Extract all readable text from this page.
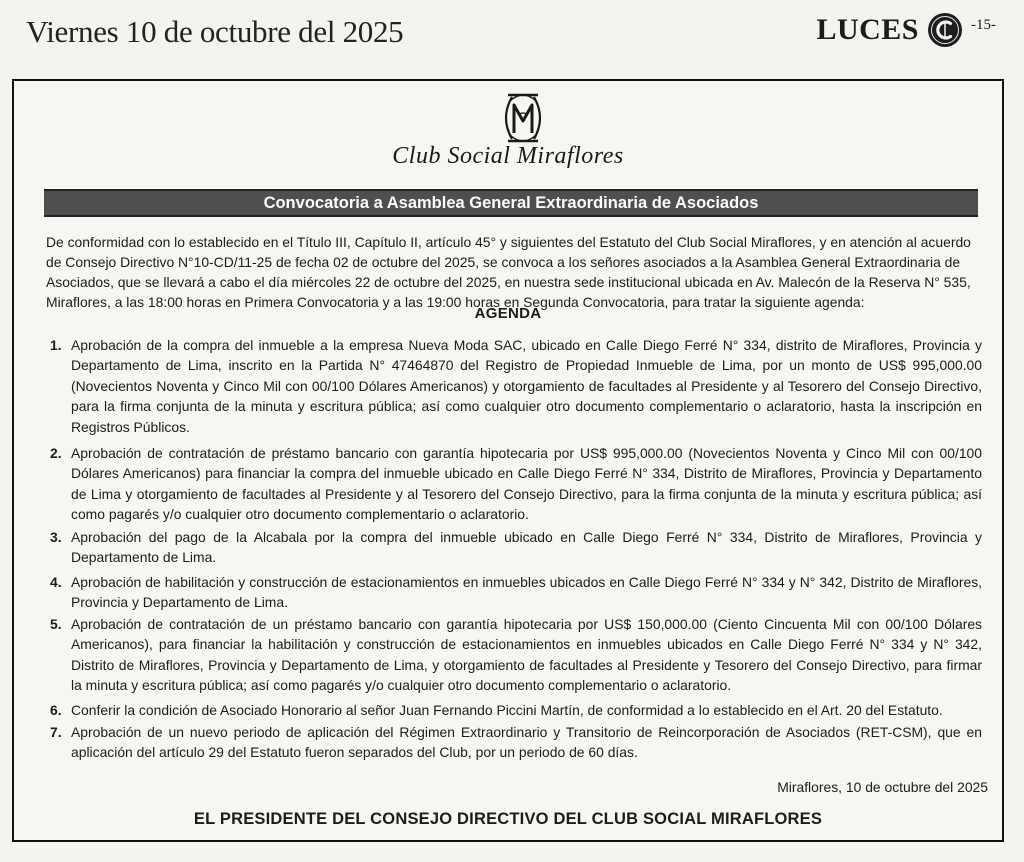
Viernes 10 de octubre del 2025	LUCES	-15-
Club Social Miraflores
Convocatoria a Asamblea General Extraordinaria de Asociados

De conformidad con lo establecido en el Título III, Capítulo II, artículo 45° y siguientes del Estatuto del Club Social Miraflores, y en atención al acuerdo de Consejo Directivo N°10-CD/11-25 de fecha 02 de octubre del 2025, se convoca a los señores asociados a la Asamblea General Extraordinaria de Asociados, que se llevará a cabo el día miércoles 22 de octubre del 2025, en nuestra sede institucional ubicada en Av. Malecón de la Reserva N° 535, Miraflores, a las 18:00 horas en Primera Convocatoria y a las 19:00 horas en Segunda Convocatoria, para tratar la siguiente agenda:

AGENDA
1. Aprobación de la compra del inmueble a la empresa Nueva Moda SAC, ubicado en Calle Diego Ferré N° 334, distrito de Miraflores, Provincia y Departamento de Lima, inscrito en la Partida N° 47464870 del Registro de Propiedad Inmueble de Lima, por un monto de US$ 995,000.00 (Novecientos Noventa y Cinco Mil con 00/100 Dólares Americanos) y otorgamiento de facultades al Presidente y al Tesorero del Consejo Directivo, para la firma conjunta de la minuta y escritura pública; así como cualquier otro documento complementario o aclaratorio, hasta la inscripción en Registros Públicos.
2. Aprobación de contratación de préstamo bancario con garantía hipotecaria por US$ 995,000.00 (Novecientos Noventa y Cinco Mil con 00/100 Dólares Americanos) para financiar la compra del inmueble ubicado en Calle Diego Ferré N° 334, Distrito de Miraflores, Provincia y Departamento de Lima y otorgamiento de facultades al Presidente y al Tesorero del Consejo Directivo, para la firma conjunta de la minuta y escritura pública; así como pagarés y/o cualquier otro documento complementario o aclaratorio.
3. Aprobación del pago de la Alcabala por la compra del inmueble ubicado en Calle Diego Ferré N° 334, Distrito de Miraflores, Provincia y Departamento de Lima.
4. Aprobación de habilitación y construcción de estacionamientos en inmuebles ubicados en Calle Diego Ferré N° 334 y N° 342, Distrito de Miraflores, Provincia y Departamento de Lima.
5. Aprobación de contratación de un préstamo bancario con garantía hipotecaria por US$ 150,000.00 (Ciento Cincuenta Mil con 00/100 Dólares Americanos), para financiar la habilitación y construcción de estacionamientos en inmuebles ubicados en Calle Diego Ferré N° 334 y N° 342, Distrito de Miraflores, Provincia y Departamento de Lima, y otorgamiento de facultades al Presidente y Tesorero del Consejo Directivo, para firmar la minuta y escritura pública; así como pagarés y/o cualquier otro documento complementario o aclaratorio.
6. Conferir la condición de Asociado Honorario al señor Juan Fernando Piccini Martín, de conformidad a lo establecido en el Art. 20 del Estatuto.
7. Aprobación de un nuevo periodo de aplicación del Régimen Extraordinario y Transitorio de Reincorporación de Asociados (RET-CSM), que en aplicación del artículo 29 del Estatuto fueron separados del Club, por un periodo de 60 días.
Miraflores, 10 de octubre del 2025
EL PRESIDENTE DEL CONSEJO DIRECTIVO DEL CLUB SOCIAL MIRAFLORES
